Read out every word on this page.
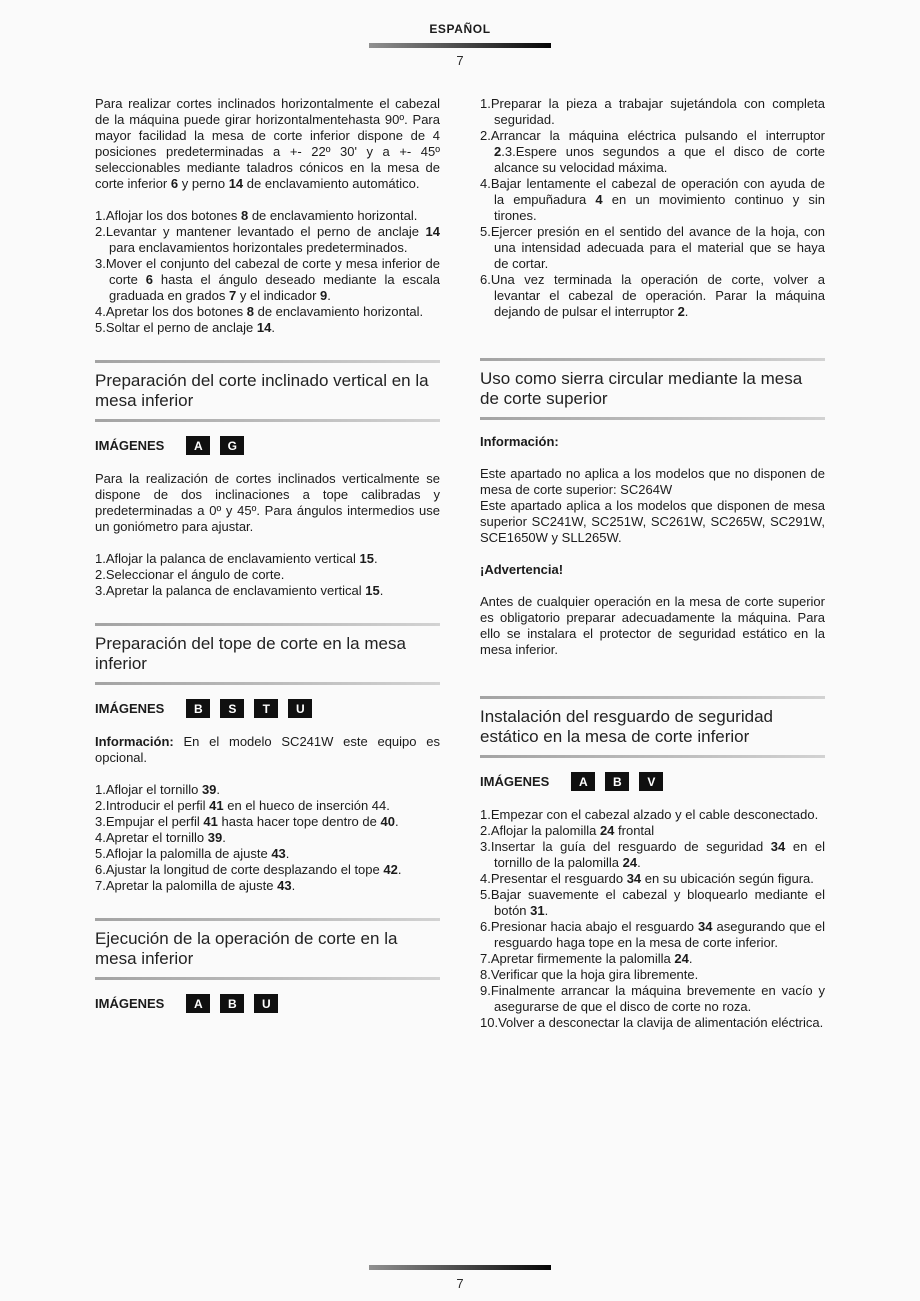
ESPAÑOL
7

Para realizar cortes inclinados horizontalmente el cabezal de la máquina puede girar horizontalmentehasta 90º. Para mayor facilidad la mesa de corte inferior dispone de 4 posiciones predeterminadas a +- 22º 30' y a +- 45º seleccionables mediante taladros cónicos en la mesa de corte inferior 6 y perno 14 de enclavamiento automático.

1.Aflojar los dos botones 8 de enclavamiento horizontal.
2.Levantar y mantener levantado el perno de anclaje 14 para enclavamientos horizontales predeterminados.
3.Mover el conjunto del cabezal de corte y mesa inferior de corte 6 hasta el ángulo deseado mediante la escala graduada en grados 7 y el indicador 9.
4.Apretar los dos botones 8 de enclavamiento horizontal.
5.Soltar el perno de anclaje 14.
Preparación del corte inclinado vertical en la mesa inferior
IMÁGENES	A	G

Para la realización de cortes inclinados verticalmente se dispone de dos inclinaciones a tope calibradas y predeterminadas a 0º y 45º. Para ángulos intermedios use un goniómetro para ajustar.

1.Aflojar la palanca de enclavamiento vertical 15.
2.Seleccionar el ángulo de corte.
3.Apretar la palanca de enclavamiento vertical 15.
Preparación del tope de corte en la mesa inferior
IMÁGENES	B	S	T	U

Información: En el modelo SC241W este equipo es opcional.

1.Aflojar el tornillo 39.
2.Introducir el perfil 41 en el hueco de inserción 44.
3.Empujar el perfil 41 hasta hacer tope dentro de 40.
4.Apretar el tornillo 39.
5.Aflojar la palomilla de ajuste 43.
6.Ajustar la longitud de corte desplazando el tope 42.
7.Apretar la palomilla de ajuste 43.
Ejecución de la operación de corte en la mesa inferior
IMÁGENES	A	B	U
1.Preparar la pieza a trabajar sujetándola con completa seguridad.
2.Arrancar la máquina eléctrica pulsando el interruptor 2.3.Espere unos segundos a que el disco de corte alcance su velocidad máxima.
4.Bajar lentamente el cabezal de operación con ayuda de la empuñadura 4 en un movimiento continuo y sin tirones.
5.Ejercer presión en el sentido del avance de la hoja, con una intensidad adecuada para el material que se haya de cortar.
6.Una vez terminada la operación de corte, volver a levantar el cabezal de operación. Parar la máquina dejando de pulsar el interruptor 2.
Uso como sierra circular mediante la mesa de corte superior

Información:

Este apartado no aplica a los modelos que no disponen de mesa de corte superior: SC264W

Este apartado aplica a los modelos que disponen de mesa superior SC241W, SC251W, SC261W, SC265W, SC291W, SCE1650W y SLL265W.

¡Advertencia!

Antes de cualquier operación en la mesa de corte superior es obligatorio preparar adecuadamente la máquina. Para ello se instalara el protector de seguridad estático en la mesa inferior.

Instalación del resguardo de seguridad estático en la mesa de corte inferior
IMÁGENES	A	B	V
1.Empezar con el cabezal alzado y el cable desconectado.
2.Aflojar la palomilla 24 frontal
3.Insertar la guía del resguardo de seguridad 34 en el tornillo de la palomilla 24.
4.Presentar el resguardo 34 en su ubicación según figura.
5.Bajar suavemente el cabezal y bloquearlo mediante el botón 31.
6.Presionar hacia abajo el resguardo 34 asegurando que el resguardo haga tope en la mesa de corte inferior.
7.Apretar firmemente la palomilla 24.
8.Verificar que la hoja gira libremente.
9.Finalmente arrancar la máquina brevemente en vacío y asegurarse de que el disco de corte no roza.
10.Volver a desconectar la clavija de alimentación eléctrica.
7
